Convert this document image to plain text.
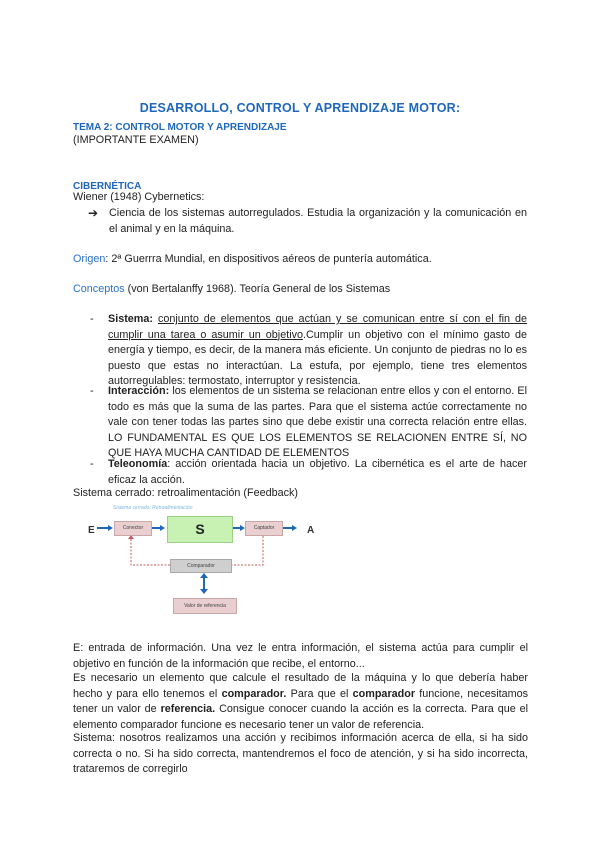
DESARROLLO, CONTROL Y APRENDIZAJE MOTOR:
TEMA 2: CONTROL MOTOR Y APRENDIZAJE
(IMPORTANTE EXAMEN)
CIBERNÉTICA
Wiener (1948) Cybernetics:
➔ Ciencia de los sistemas autorregulados. Estudia la organización y la comunicación en el animal y en la máquina.
Origen: 2ª Guerrra Mundial, en dispositivos aéreos de puntería automática.
Conceptos (von Bertalanffy 1968). Teoría General de los Sistemas
- Sistema: conjunto de elementos que actúan y se comunican entre sí con el fin de cumplir una tarea o asumir un objetivo.Cumplir un objetivo con el mínimo gasto de energía y tiempo, es decir, de la manera más eficiente. Un conjunto de piedras no lo es puesto que estas no interactúan. La estufa, por ejemplo, tiene tres elementos autorregulables: termostato, interruptor y resistencia.
- Interacción: los elementos de un sistema se relacionan entre ellos y con el entorno. El todo es más que la suma de las partes. Para que el sistema actúe correctamente no vale con tener todas las partes sino que debe existir una correcta relación entre ellas. LO FUNDAMENTAL ES QUE LOS ELEMENTOS SE RELACIONEN ENTRE SÍ, NO QUE HAYA MUCHA CANTIDAD DE ELEMENTOS
- Teleonomía: acción orientada hacia un objetivo. La cibernética es el arte de hacer eficaz la acción.
Sistema cerrado: retroalimentación (Feedback)
Sistema cerrado: Retroalimentación
E	A
Conector	S	Captador
Comparador
Valor de referencia
E: entrada de información. Una vez le entra información, el sistema actúa para cumplir el objetivo en función de la información que recibe, el entorno...
Es necesario un elemento que calcule el resultado de la máquina y lo que debería haber hecho y para ello tenemos el comparador. Para que el comparador funcione, necesitamos tener un valor de referencia. Consigue conocer cuando la acción es la correcta. Para que el elemento comparador funcione es necesario tener un valor de referencia.
Sistema: nosotros realizamos una acción y recibimos información acerca de ella, si ha sido correcta o no. Si ha sido correcta, mantendremos el foco de atención, y si ha sido incorrecta, trataremos de corregirlo
